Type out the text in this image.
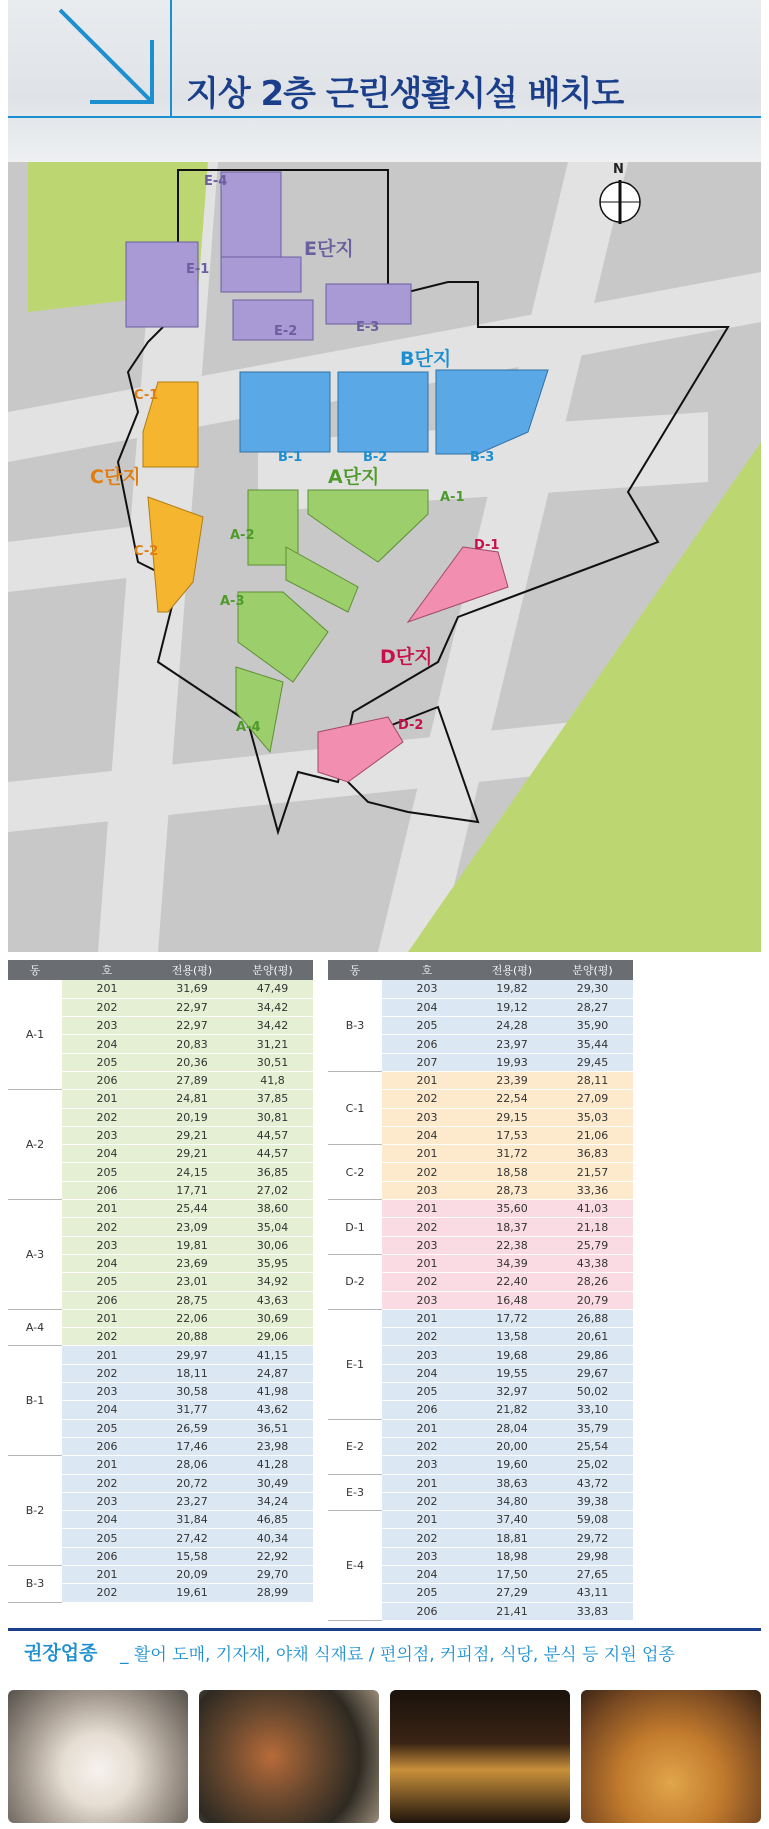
지상 2층 근린생활시설 배치도
N
E단지
B단지
C단지	A단지
D단지
E-4
E-1
E-2	E-3
B-1	B-2	B-3
C-1
C-2
A-1
A-2
A-3
A-4
D-1
D-2
동	호	전용(평)	분양(평)
A-1	201	31,69	47,49
	202	22,97	34,42
	203	22,97	34,42
	204	20,83	31,21
	205	20,36	30,51
	206	27,89	41,8
A-2	201	24,81	37,85
	202	20,19	30,81
	203	29,21	44,57
	204	29,21	44,57
	205	24,15	36,85
	206	17,71	27,02
A-3	201	25,44	38,60
	202	23,09	35,04
	203	19,81	30,06
	204	23,69	35,95
	205	23,01	34,92
	206	28,75	43,63
A-4	201	22,06	30,69
	202	20,88	29,06
B-1	201	29,97	41,15
	202	18,11	24,87
	203	30,58	41,98
	204	31,77	43,62
	205	26,59	36,51
	206	17,46	23,98
B-2	201	28,06	41,28
	202	20,72	30,49
	203	23,27	34,24
	204	31,84	46,85
	205	27,42	40,34
	206	15,58	22,92
B-3	201	20,09	29,70
	202	19,61	28,99
동	호	전용(평)	분양(평)
B-3	203	19,82	29,30
	204	19,12	28,27
	205	24,28	35,90
	206	23,97	35,44
	207	19,93	29,45
C-1	201	23,39	28,11
	202	22,54	27,09
	203	29,15	35,03
	204	17,53	21,06
C-2	201	31,72	36,83
	202	18,58	21,57
	203	28,73	33,36
D-1	201	35,60	41,03
	202	18,37	21,18
	203	22,38	25,79
D-2	201	34,39	43,38
	202	22,40	28,26
	203	16,48	20,79
E-1	201	17,72	26,88
	202	13,58	20,61
	203	19,68	29,86
	204	19,55	29,67
	205	32,97	50,02
	206	21,82	33,10
E-2	201	28,04	35,79
	202	20,00	25,54
	203	19,60	25,02
E-3	201	38,63	43,72
	202	34,80	39,38
E-4	201	37,40	59,08
	202	18,81	29,72
	203	18,98	29,98
	204	17,50	27,65
	205	27,29	43,11
	206	21,41	33,83
권장업종 _ 활어 도매, 기자재, 야채 식재료 / 편의점, 커피점, 식당, 분식 등 지원 업종
